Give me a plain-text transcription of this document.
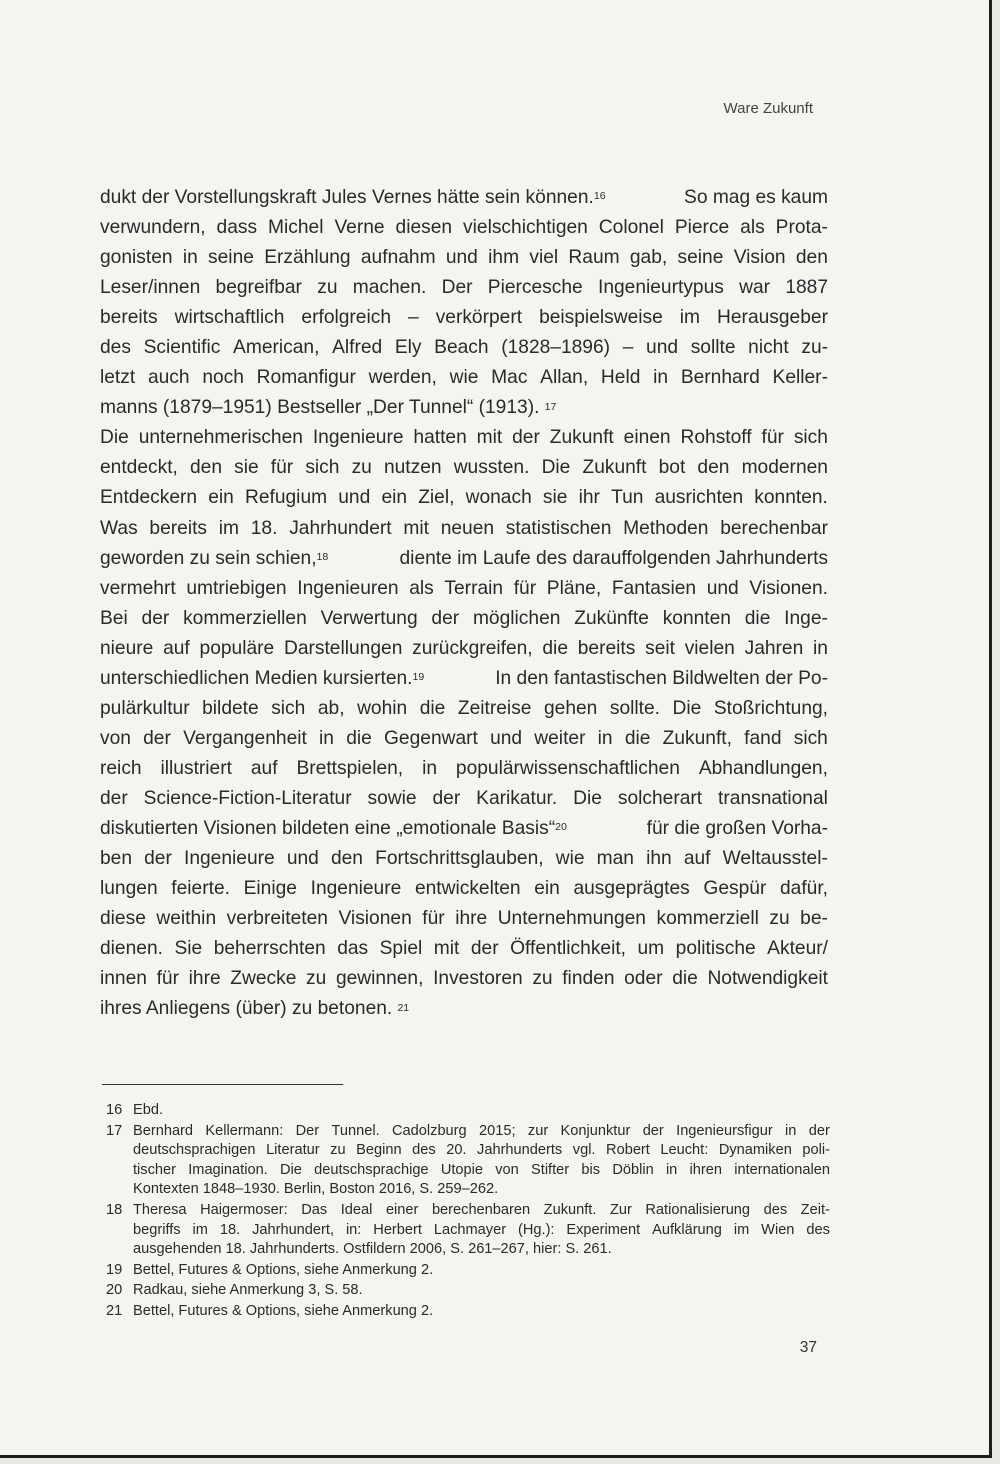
Ware Zukunft
dukt der Vorstellungskraft Jules Vernes hätte sein können.$^{16}$	So mag es kaum
verwundern, dass Michel Verne diesen vielschichtigen Colonel Pierce als Prota-
gonisten in seine Erzählung aufnahm und ihm viel Raum gab, seine Vision den
Leser/innen begreifbar zu machen. Der Piercesche Ingenieurtypus war 1887
bereits wirtschaftlich erfolgreich – verkörpert beispielsweise im Herausgeber
des Scientific American, Alfred Ely Beach (1828–1896) – und sollte nicht zu-
letzt auch noch Romanfigur werden, wie Mac Allan, Held in Bernhard Keller-
manns (1879–1951) Bestseller „Der Tunnel“ (1913). $^{17}$
Die unternehmerischen Ingenieure hatten mit der Zukunft einen Rohstoff für sich
entdeckt, den sie für sich zu nutzen wussten. Die Zukunft bot den modernen
Entdeckern ein Refugium und ein Ziel, wonach sie ihr Tun ausrichten konnten.
Was bereits im 18. Jahrhundert mit neuen statistischen Methoden berechenbar
geworden zu sein schien,$^{18}$	diente im Laufe des darauffolgenden Jahrhunderts
vermehrt umtriebigen Ingenieuren als Terrain für Pläne, Fantasien und Visionen.
Bei der kommerziellen Verwertung der möglichen Zukünfte konnten die Inge-
nieure auf populäre Darstellungen zurückgreifen, die bereits seit vielen Jahren in
unterschiedlichen Medien kursierten.$^{19}$	In den fantastischen Bildwelten der Po-
pulärkultur bildete sich ab, wohin die Zeitreise gehen sollte. Die Stoßrichtung,
von der Vergangenheit in die Gegenwart und weiter in die Zukunft, fand sich
reich illustriert auf Brettspielen, in populärwissenschaftlichen Abhandlungen,
der Science-Fiction-Literatur sowie der Karikatur. Die solcherart transnational
diskutierten Visionen bildeten eine „emotionale Basis“$^{20}$	für die großen Vorha-
ben der Ingenieure und den Fortschrittsglauben, wie man ihn auf Weltausstel-
lungen feierte. Einige Ingenieure entwickelten ein ausgeprägtes Gespür dafür,
diese weithin verbreiteten Visionen für ihre Unternehmungen kommerziell zu be-
dienen. Sie beherrschten das Spiel mit der Öffentlichkeit, um politische Akteur/
innen für ihre Zwecke zu gewinnen, Investoren zu finden oder die Notwendigkeit
ihres Anliegens (über) zu betonen. $^{21}$
16 Ebd.
17 Bernhard Kellermann: Der Tunnel. Cadolzburg 2015; zur Konjunktur der Ingenieursfigur in der
deutschsprachigen Literatur zu Beginn des 20. Jahrhunderts vgl. Robert Leucht: Dynamiken poli-
tischer Imagination. Die deutschsprachige Utopie von Stifter bis Döblin in ihren internationalen
Kontexten 1848–1930. Berlin, Boston 2016, S. 259–262.
18 Theresa Haigermoser: Das Ideal einer berechenbaren Zukunft. Zur Rationalisierung des Zeit-
begriffs im 18. Jahrhundert, in: Herbert Lachmayer (Hg.): Experiment Aufklärung im Wien des
ausgehenden 18. Jahrhunderts. Ostfildern 2006, S. 261–267, hier: S. 261.
19 Bettel, Futures & Options, siehe Anmerkung 2.
20 Radkau, siehe Anmerkung 3, S. 58.
21 Bettel, Futures & Options, siehe Anmerkung 2.
37
